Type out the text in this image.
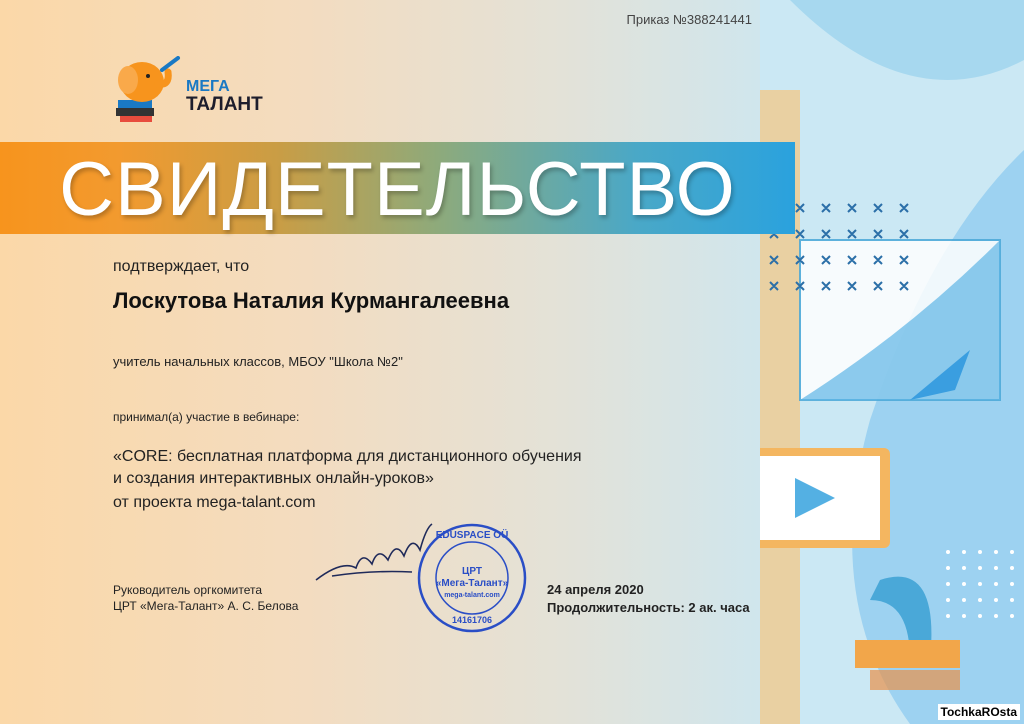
Приказ №388241441
МЕГА
ТАЛАНТ
СВИДЕТЕЛЬСТВО
подтверждает, что
Лоскутова Наталия Курмангалеевна
учитель начальных классов, МБОУ "Школа №2"
принимал(а) участие в вебинаре:
«CORE: бесплатная платформа для дистанционного обучения
и создания интерактивных онлайн-уроков»
от проекта mega-talant.com
Руководитель оргкомитета
ЦРТ «Мега-Талант» А. С. Белова
EDUSPACE OÜ
ЦРТ
«Мега-Талант»
mega-talant.com
14161706
24 апреля 2020
Продолжительность: 2 ак. часа
TochkaROsta
